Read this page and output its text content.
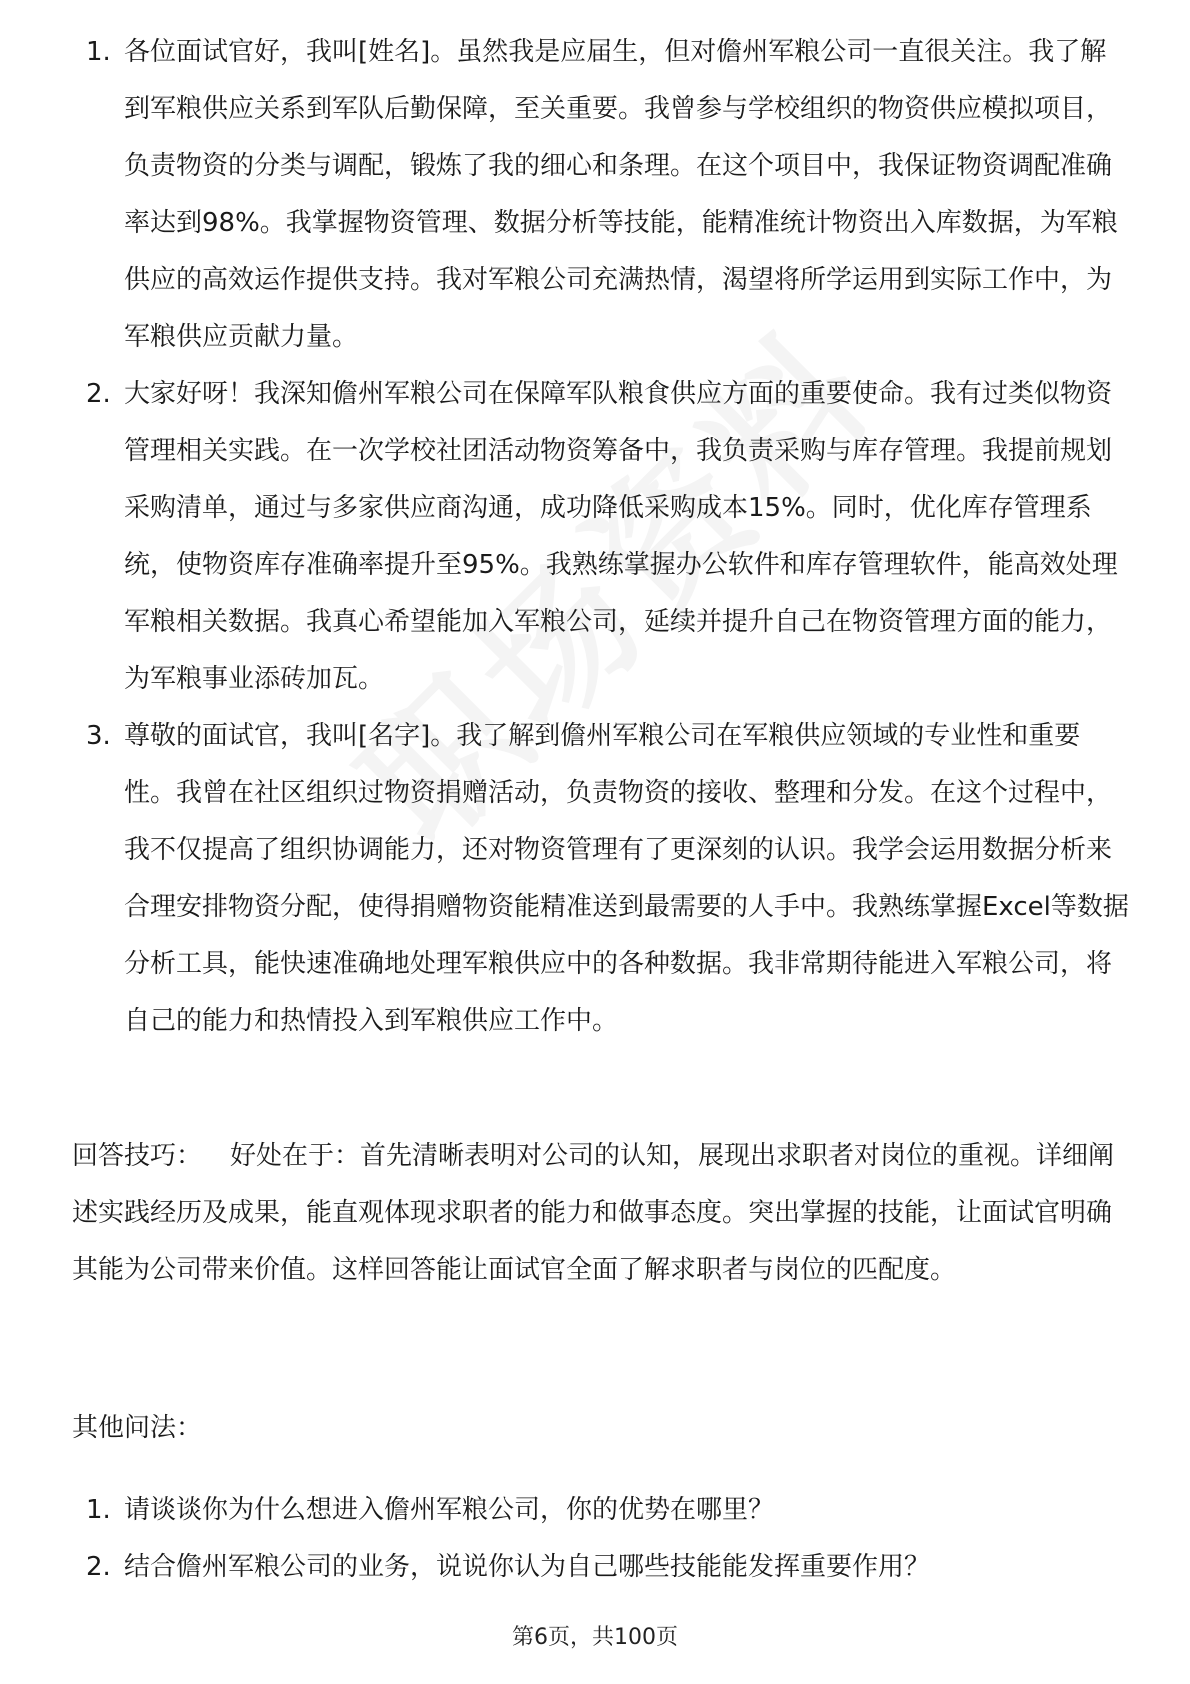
1. 各位面试官好，我叫[姓名]。虽然我是应届生，但对儋州军粮公司一直很关注。我了解到军粮供应关系到军队后勤保障，至关重要。我曾参与学校组织的物资供应模拟项目，负责物资的分类与调配，锻炼了我的细心和条理。在这个项目中，我保证物资调配准确率达到98%。我掌握物资管理、数据分析等技能，能精准统计物资出入库数据，为军粮供应的高效运作提供支持。我对军粮公司充满热情，渴望将所学运用到实际工作中，为军粮供应贡献力量。
2. 大家好呀！我深知儋州军粮公司在保障军队粮食供应方面的重要使命。我有过类似物资管理相关实践。在一次学校社团活动物资筹备中，我负责采购与库存管理。我提前规划采购清单，通过与多家供应商沟通，成功降低采购成本15%。同时，优化库存管理系统，使物资库存准确率提升至95%。我熟练掌握办公软件和库存管理软件，能高效处理军粮相关数据。我真心希望能加入军粮公司，延续并提升自己在物资管理方面的能力，为军粮事业添砖加瓦。
3. 尊敬的面试官，我叫[名字]。我了解到儋州军粮公司在军粮供应领域的专业性和重要性。我曾在社区组织过物资捐赠活动，负责物资的接收、整理和分发。在这个过程中，我不仅提高了组织协调能力，还对物资管理有了更深刻的认识。我学会运用数据分析来合理安排物资分配，使得捐赠物资能精准送到最需要的人手中。我熟练掌握Excel等数据分析工具，能快速准确地处理军粮供应中的各种数据。我非常期待能进入军粮公司，将自己的能力和热情投入到军粮供应工作中。

回答技巧： 好处在于：首先清晰表明对公司的认知，展现出求职者对岗位的重视。详细阐述实践经历及成果，能直观体现求职者的能力和做事态度。突出掌握的技能，让面试官明确其能为公司带来价值。这样回答能让面试官全面了解求职者与岗位的匹配度。

其他问法：

1. 请谈谈你为什么想进入儋州军粮公司，你的优势在哪里？
2. 结合儋州军粮公司的业务，说说你认为自己哪些技能能发挥重要作用？
第6页，共100页
